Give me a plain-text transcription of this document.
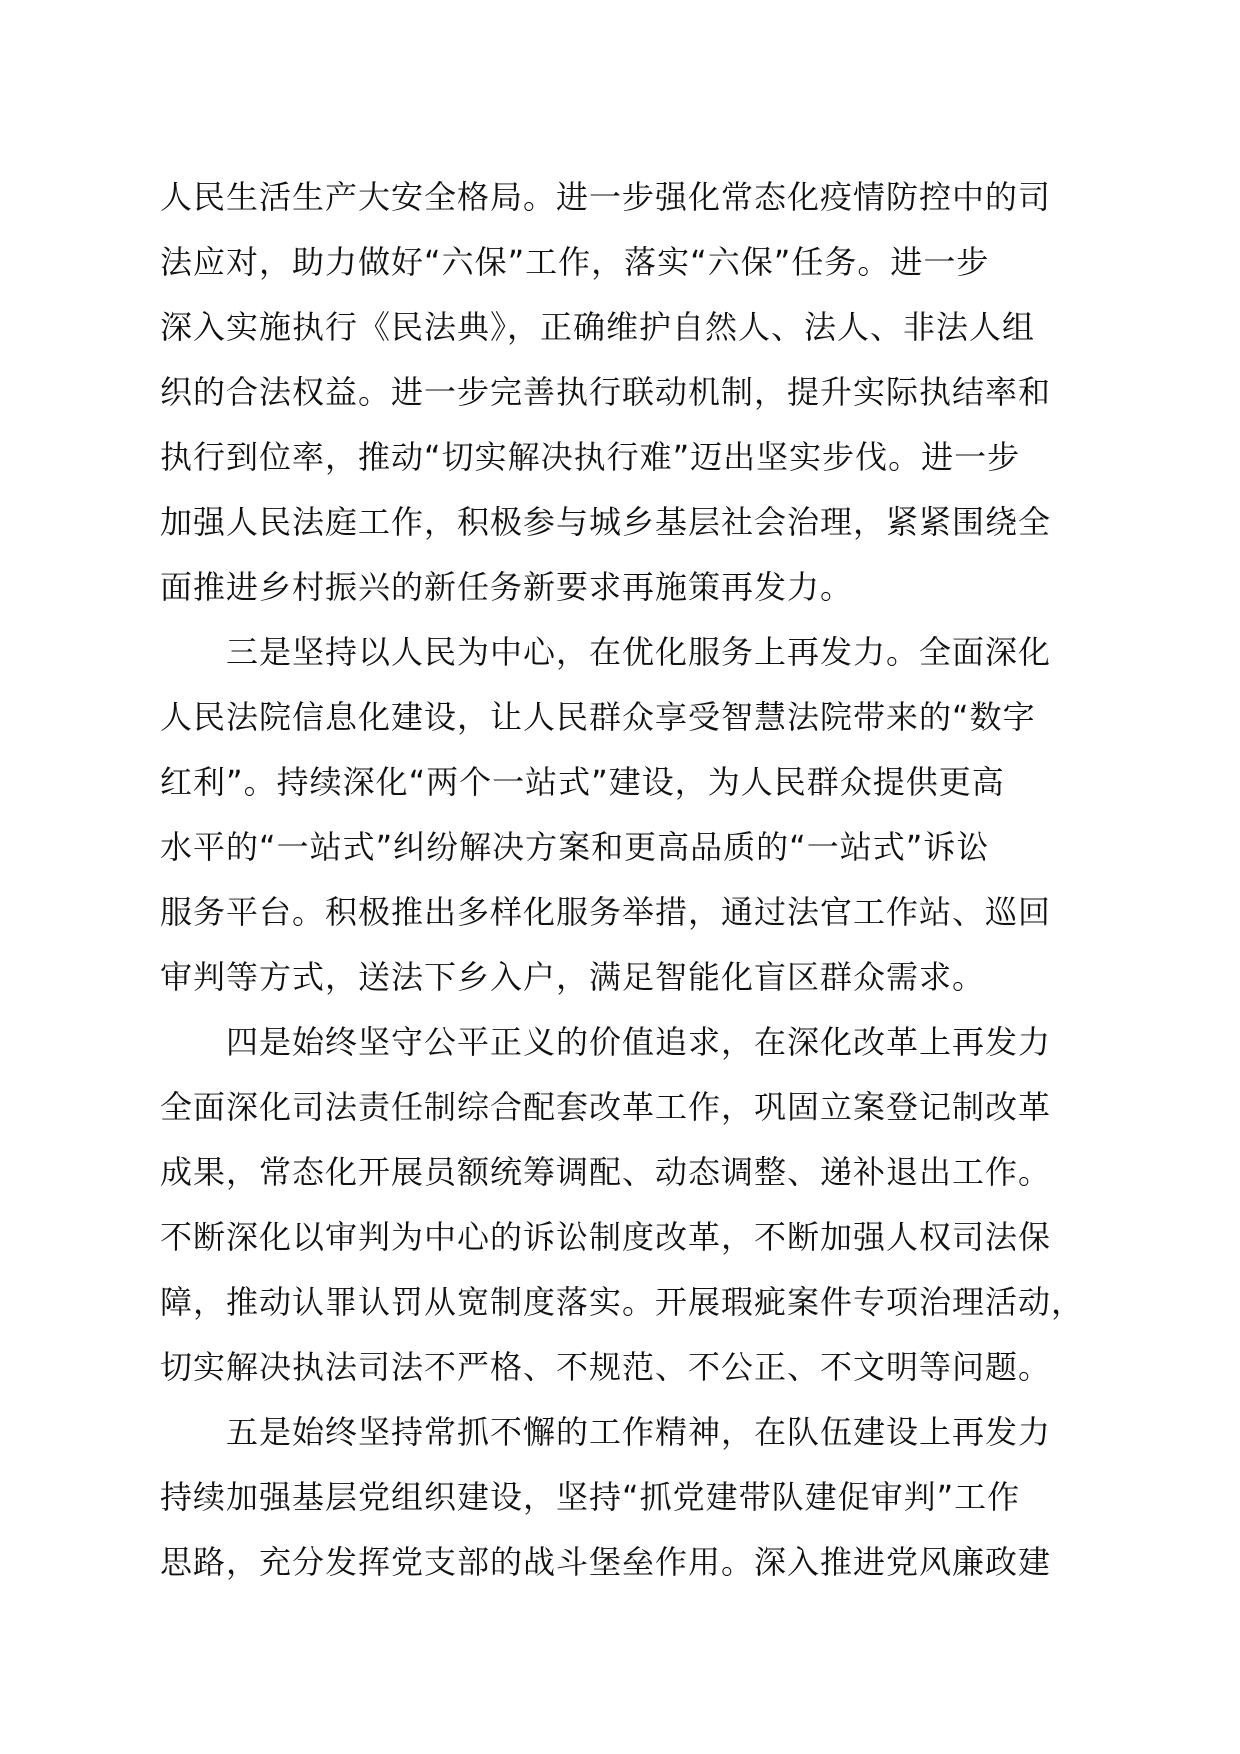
人民生活生产大安全格局。进一步强化常态化疫情防控中的司
法应对，助力做好“六保”工作，落实“六保”任务。进一步
深入实施执行《民法典》，正确维护自然人、法人、非法人组
织的合法权益。进一步完善执行联动机制，提升实际执结率和
执行到位率，推动“切实解决执行难”迈出坚实步伐。进一步
加强人民法庭工作，积极参与城乡基层社会治理，紧紧围绕全
面推进乡村振兴的新任务新要求再施策再发力。
三是坚持以人民为中心，在优化服务上再发力。全面深化
人民法院信息化建设，让人民群众享受智慧法院带来的“数字
红利”。持续深化“两个一站式”建设，为人民群众提供更高
水平的“一站式”纠纷解决方案和更高品质的“一站式”诉讼
服务平台。积极推出多样化服务举措，通过法官工作站、巡回
审判等方式，送法下乡入户，满足智能化盲区群众需求。
四是始终坚守公平正义的价值追求，在深化改革上再发力
全面深化司法责任制综合配套改革工作，巩固立案登记制改革
成果，常态化开展员额统筹调配、动态调整、递补退出工作。
不断深化以审判为中心的诉讼制度改革，不断加强人权司法保
障，推动认罪认罚从宽制度落实。开展瑕疵案件专项治理活动，
切实解决执法司法不严格、不规范、不公正、不文明等问题。
五是始终坚持常抓不懈的工作精神，在队伍建设上再发力
持续加强基层党组织建设，坚持“抓党建带队建促审判”工作
思路，充分发挥党支部的战斗堡垒作用。深入推进党风廉政建
